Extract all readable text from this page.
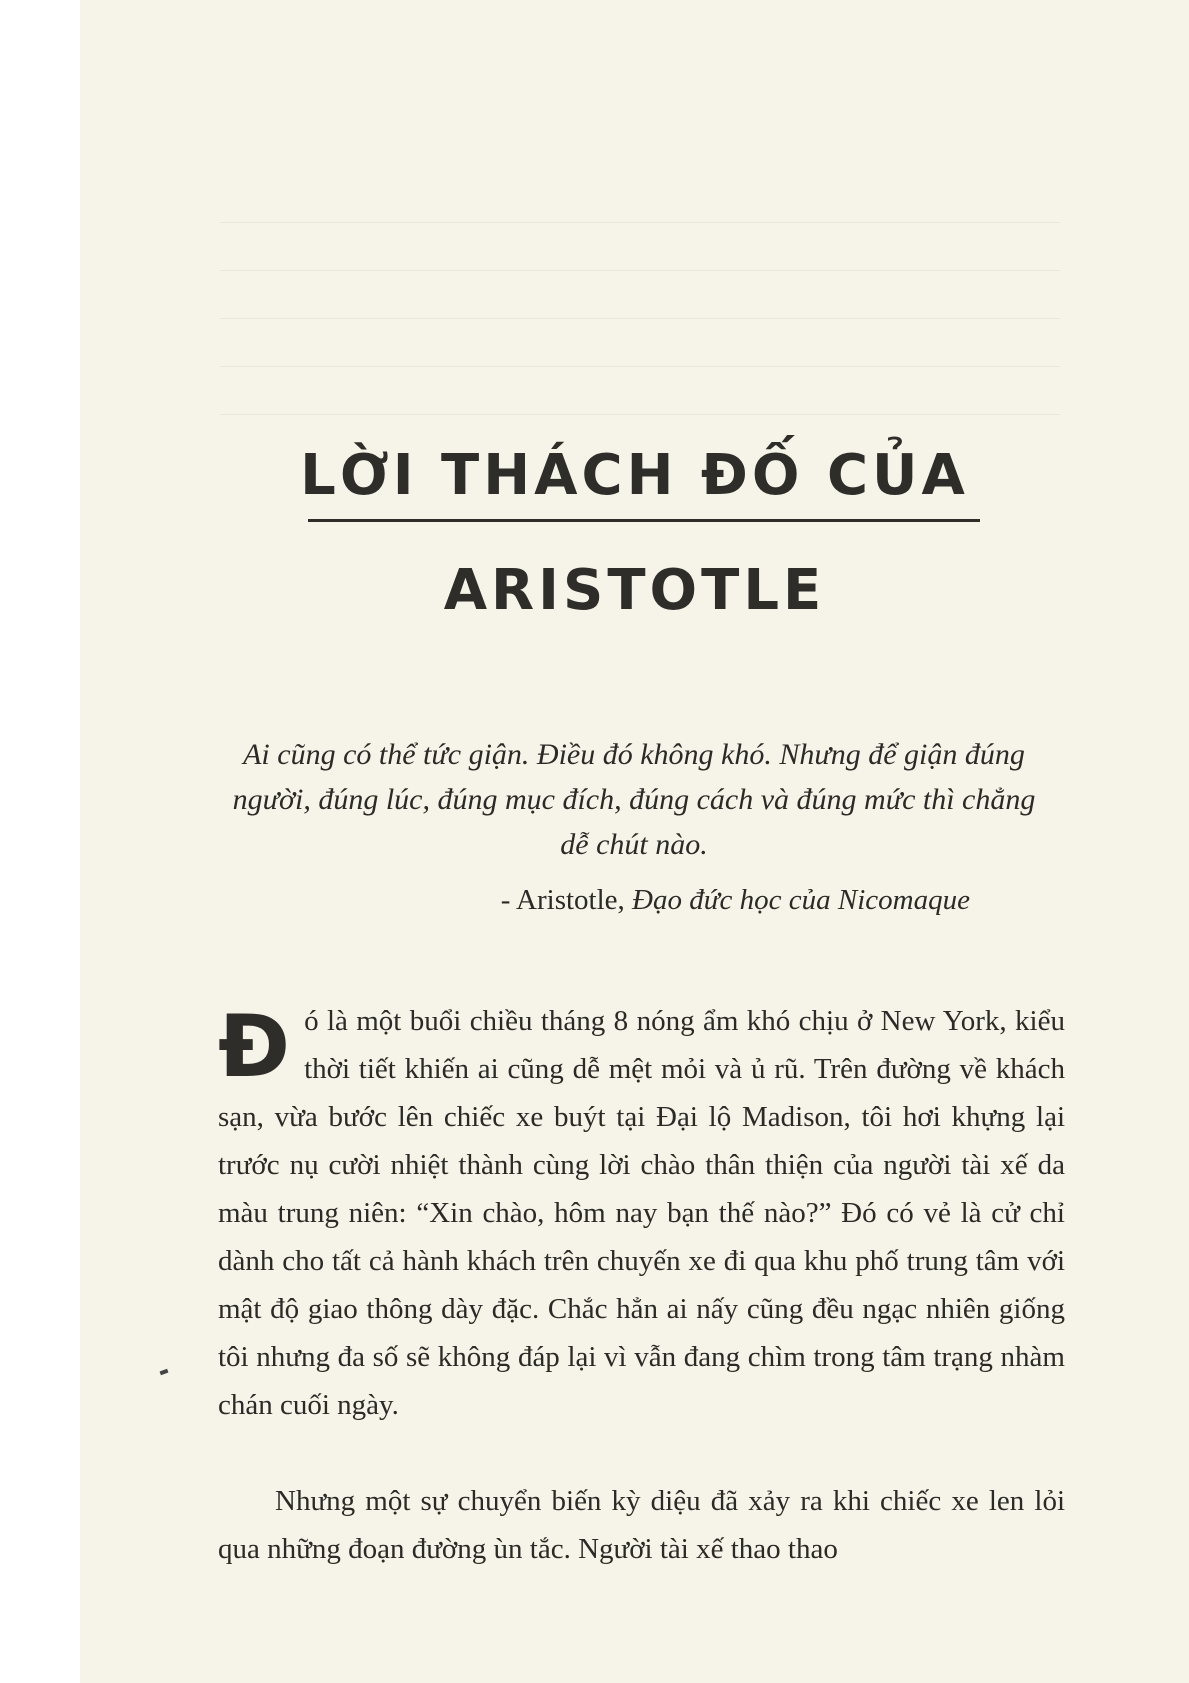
LỜI THÁCH ĐỐ CỦA
ARISTOTLE

Ai cũng có thể tức giận. Điều đó không khó. Nhưng để giận đúng người, đúng lúc, đúng mục đích, đúng cách và đúng mức thì chẳng dễ chút nào.

- Aristotle, Đạo đức học của Nicomaque

Đó là một buổi chiều tháng 8 nóng ẩm khó chịu ở New York, kiểu thời tiết khiến ai cũng dễ mệt mỏi và ủ rũ. Trên đường về khách sạn, vừa bước lên chiếc xe buýt tại Đại lộ Madison, tôi hơi khựng lại trước nụ cười nhiệt thành cùng lời chào thân thiện của người tài xế da màu trung niên: “Xin chào, hôm nay bạn thế nào?” Đó có vẻ là cử chỉ dành cho tất cả hành khách trên chuyến xe đi qua khu phố trung tâm với mật độ giao thông dày đặc. Chắc hẳn ai nấy cũng đều ngạc nhiên giống tôi nhưng đa số sẽ không đáp lại vì vẫn đang chìm trong tâm trạng nhàm chán cuối ngày.

Nhưng một sự chuyển biến kỳ diệu đã xảy ra khi chiếc xe len lỏi qua những đoạn đường ùn tắc. Người tài xế thao thao
